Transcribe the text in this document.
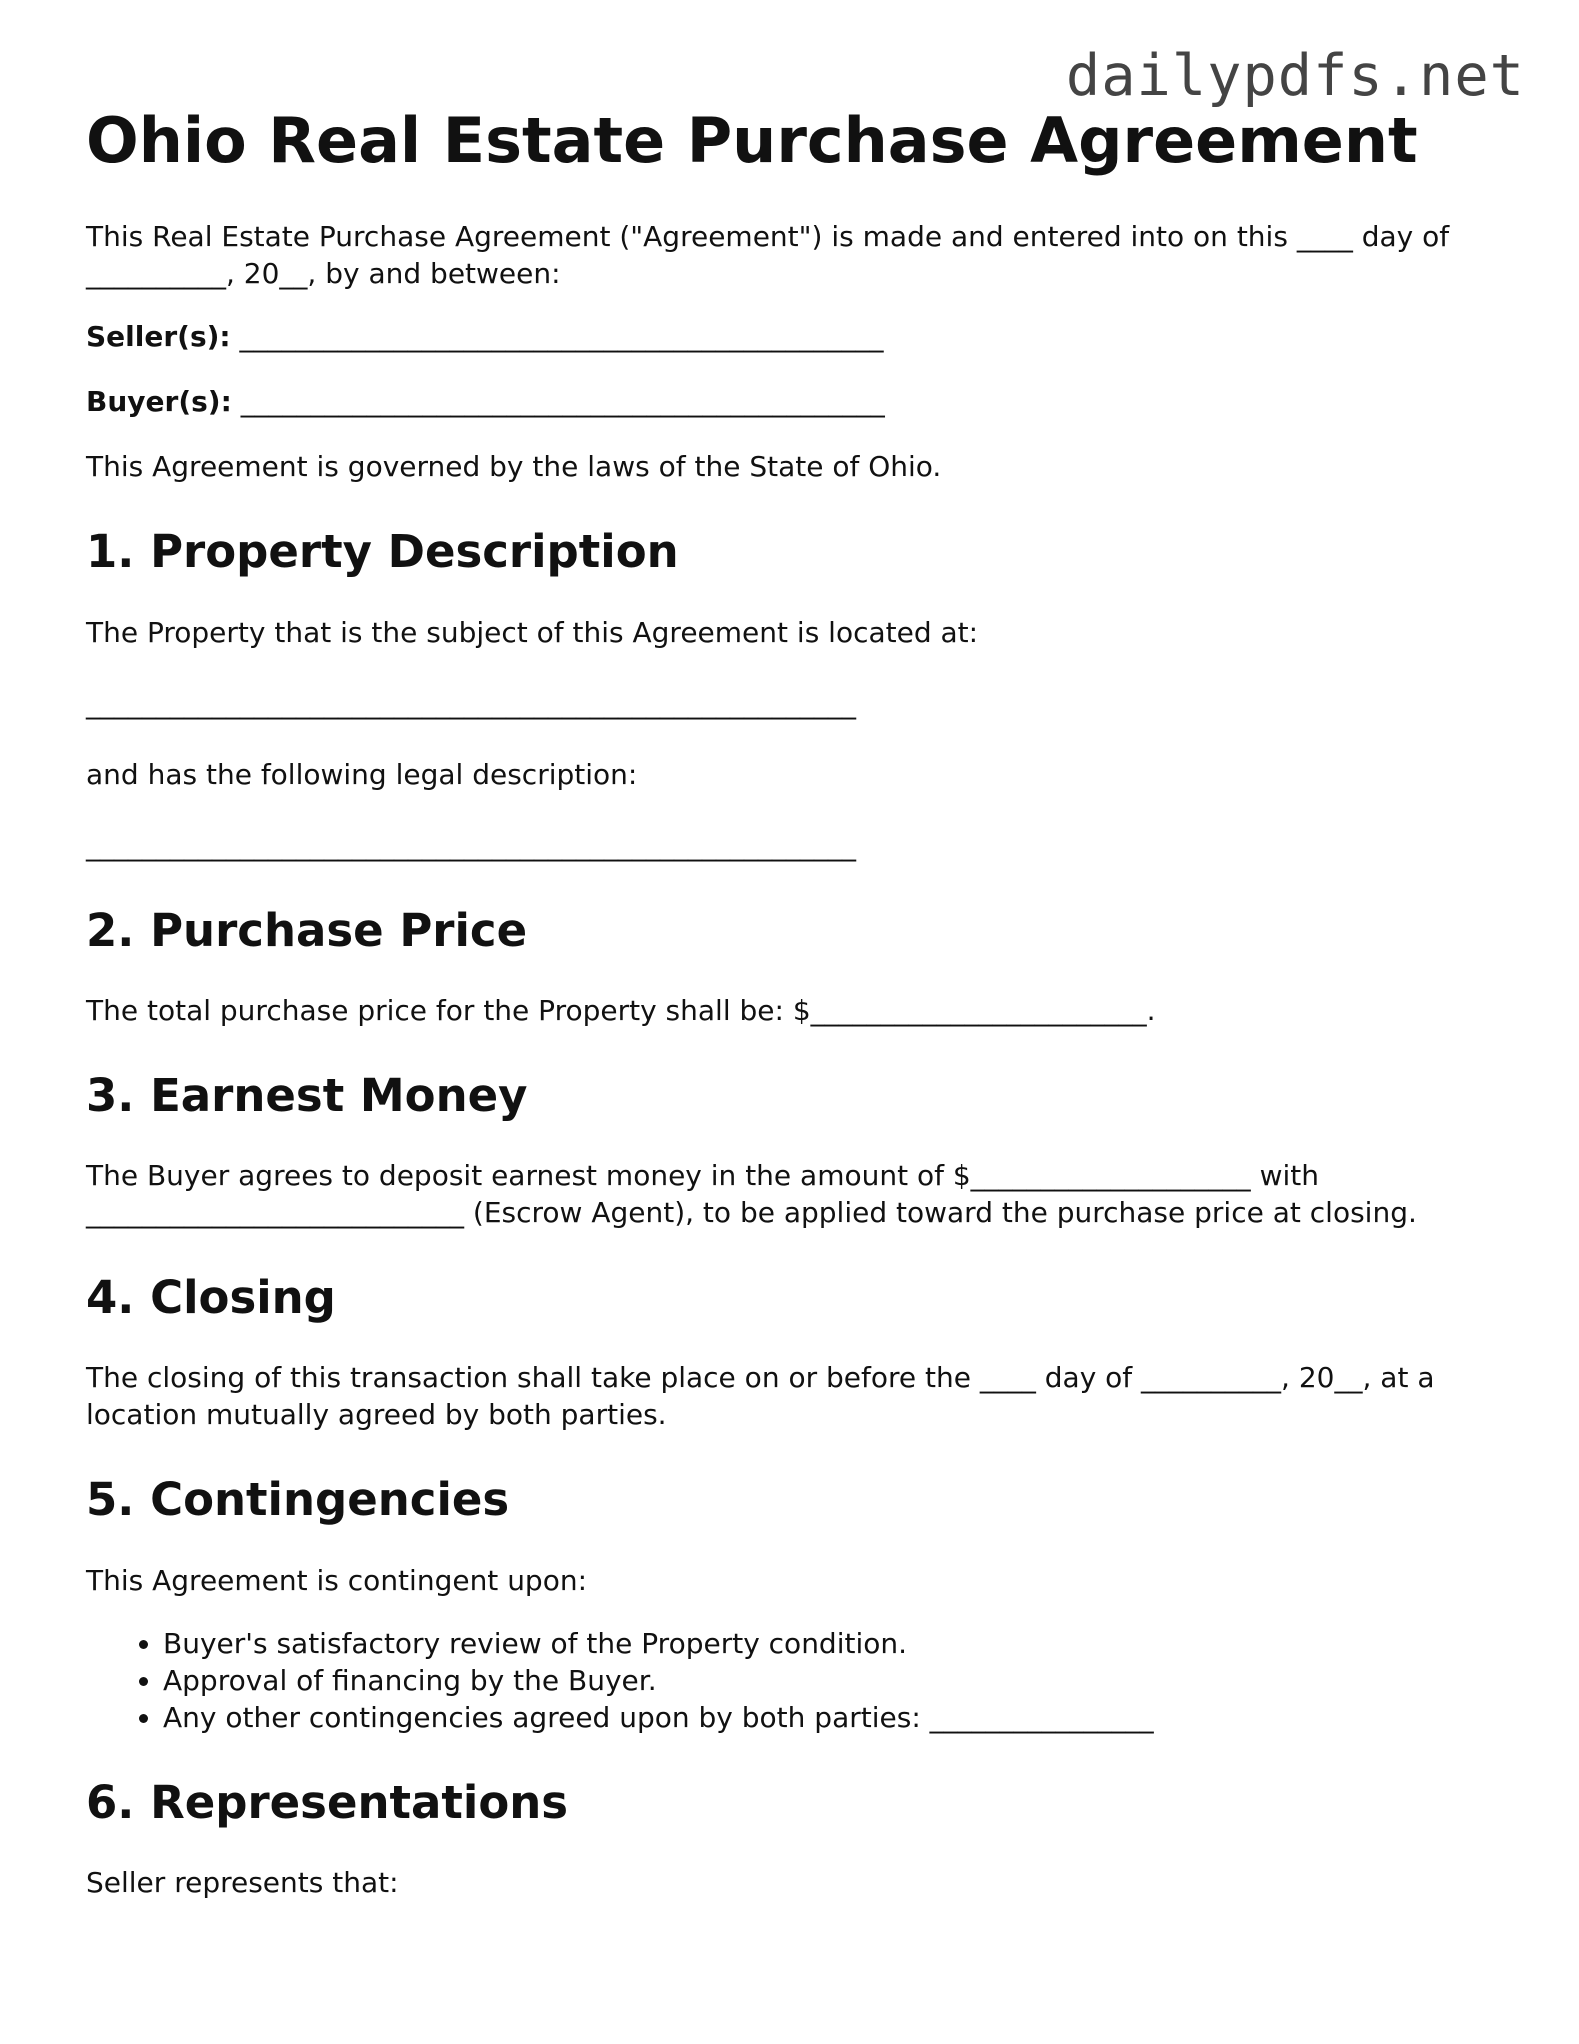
dailypdfs.net
Ohio Real Estate Purchase Agreement

This Real Estate Purchase Agreement ("Agreement") is made and entered into on this ____ day of __________, 20__, by and between:

Seller(s): ______________________________________________

Buyer(s): ______________________________________________

This Agreement is governed by the laws of the State of Ohio.

1. Property Description

The Property that is the subject of this Agreement is located at:

_______________________________________________________

and has the following legal description:

_______________________________________________________

2. Purchase Price

The total purchase price for the Property shall be: $________________________.

3. Earnest Money

The Buyer agrees to deposit earnest money in the amount of $____________________ with ___________________________ (Escrow Agent), to be applied toward the purchase price at closing.

4. Closing

The closing of this transaction shall take place on or before the ____ day of __________, 20__, at a location mutually agreed by both parties.

5. Contingencies

This Agreement is contingent upon:

• Buyer's satisfactory review of the Property condition.
• Approval of financing by the Buyer.
• Any other contingencies agreed upon by both parties: ________________
6. Representations

Seller represents that:
